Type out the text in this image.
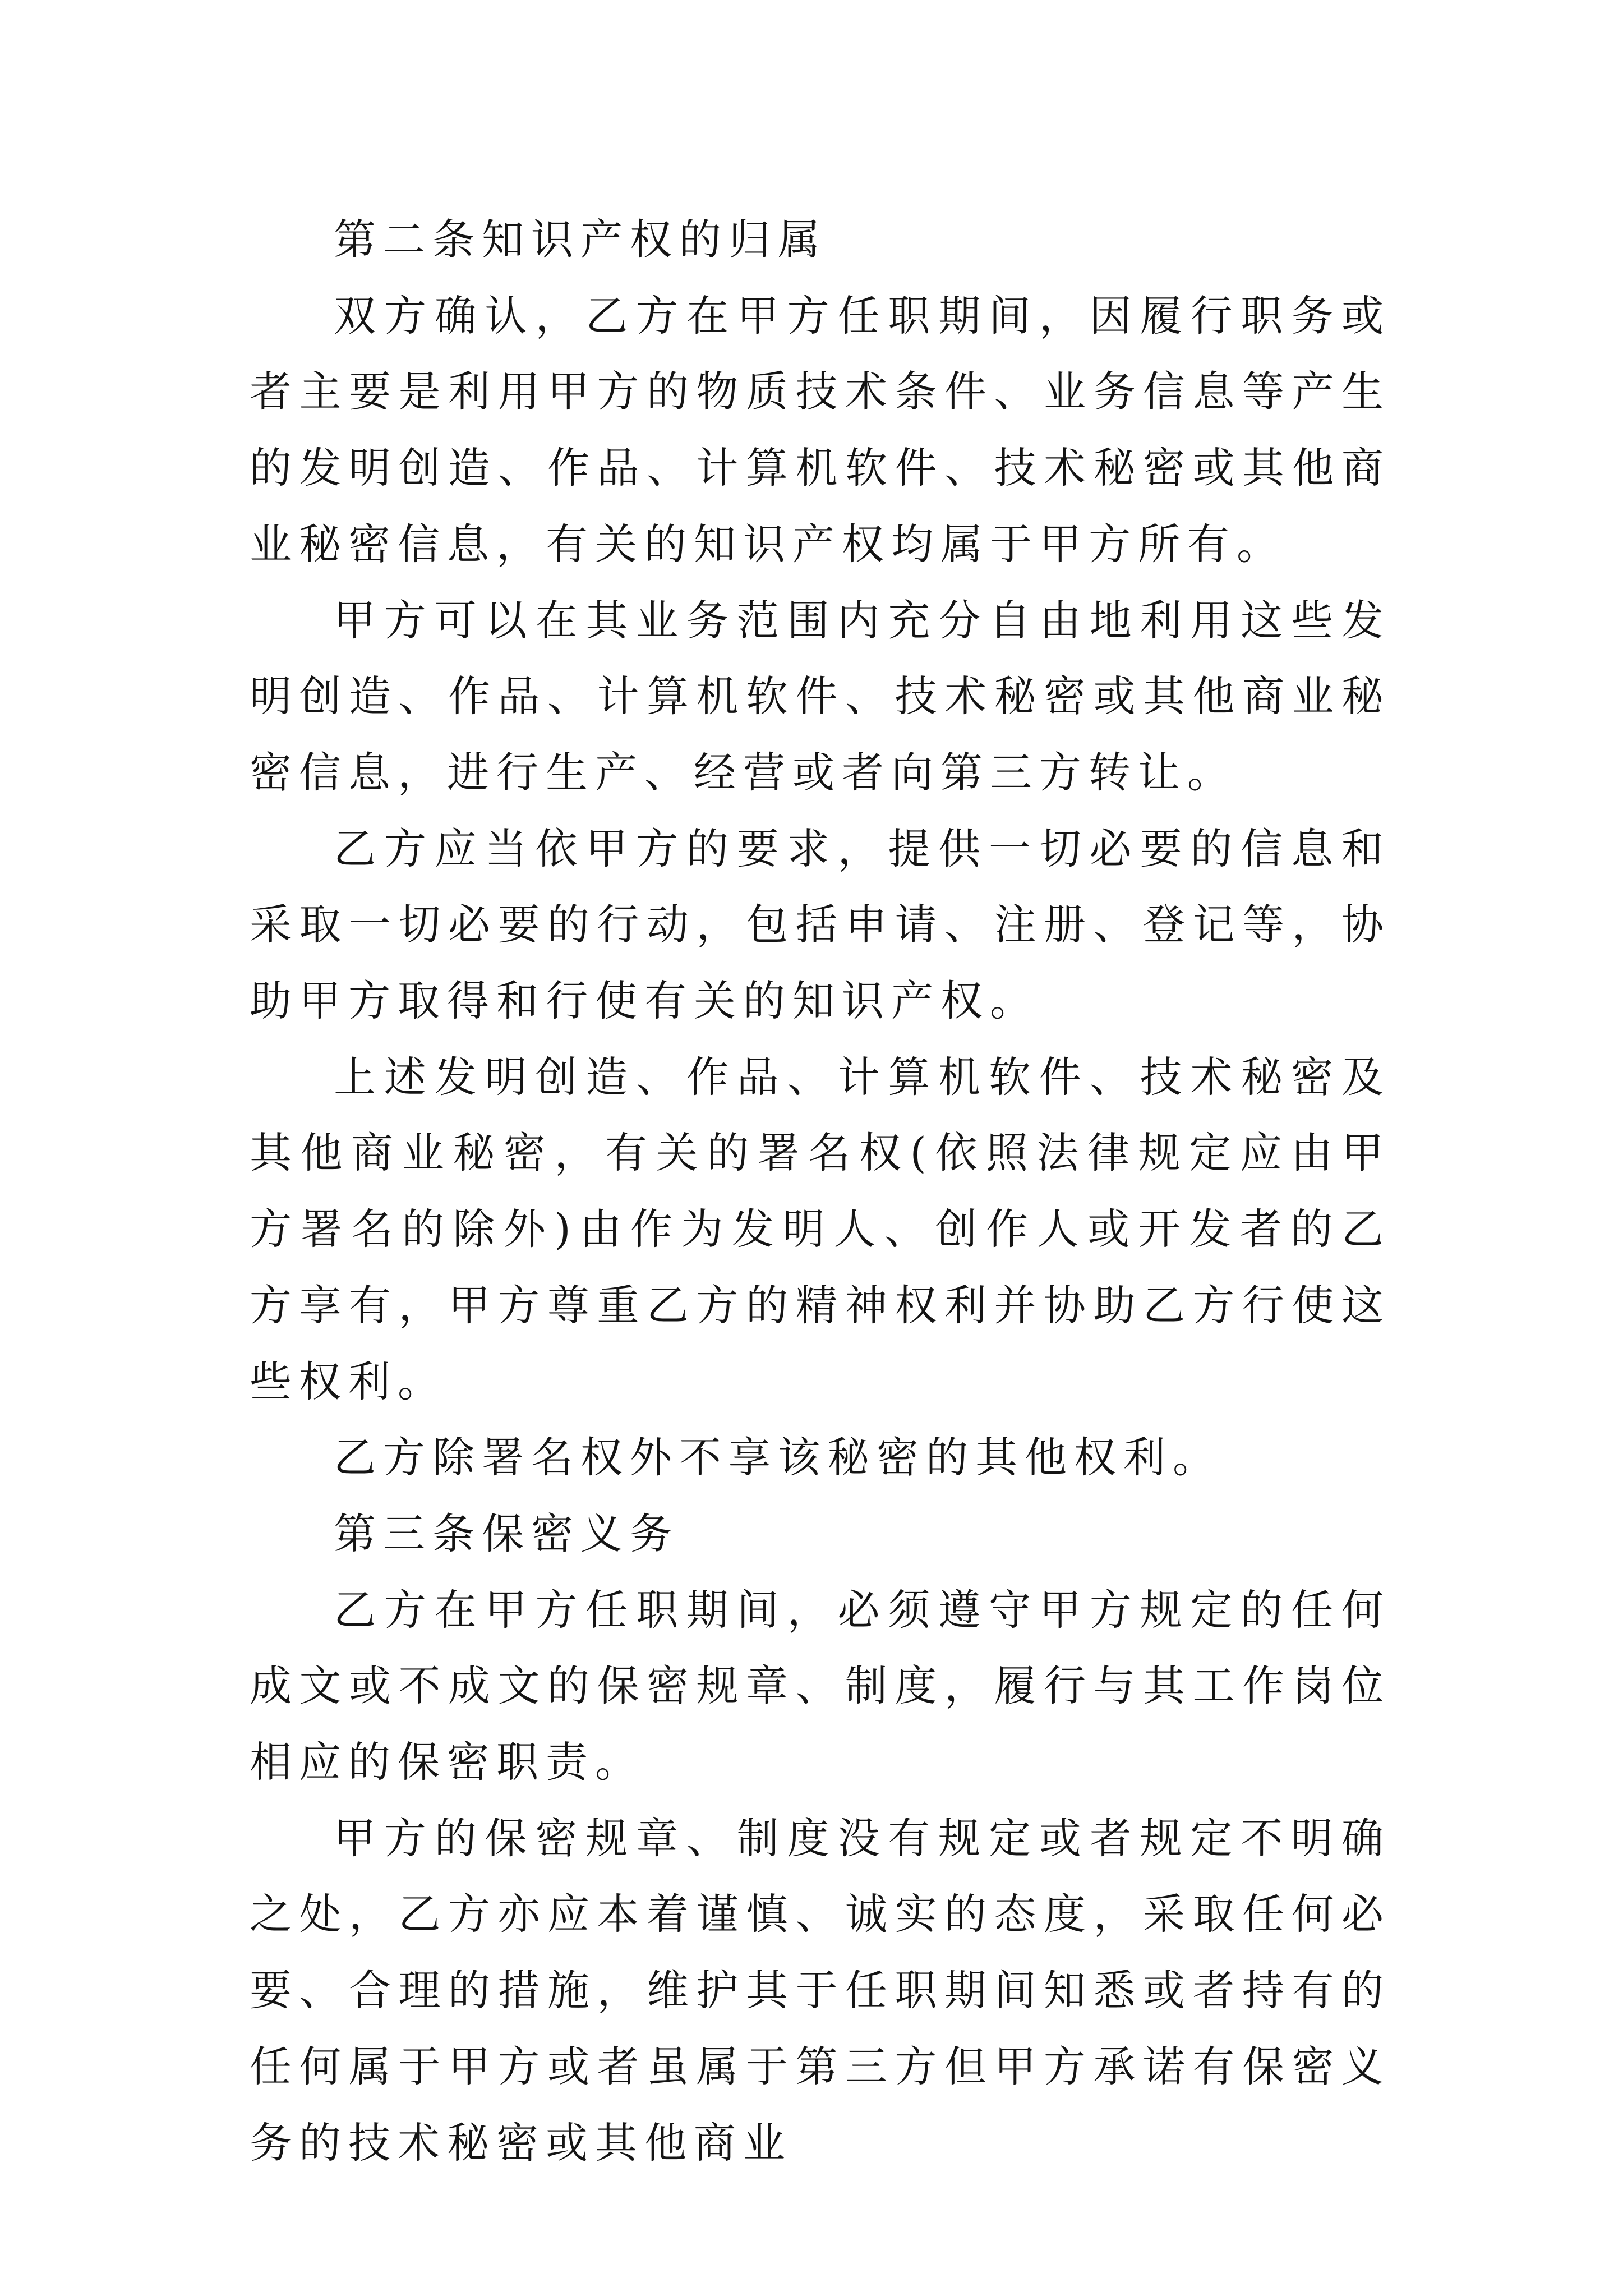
第二条知识产权的归属

双方确认，乙方在甲方任职期间，因履行职务或者主要是利用甲方的物质技术条件、业务信息等产生的发明创造、作品、计算机软件、技术秘密或其他商业秘密信息，有关的知识产权均属于甲方所有。

甲方可以在其业务范围内充分自由地利用这些发明创造、作品、计算机软件、技术秘密或其他商业秘密信息，进行生产、经营或者向第三方转让。

乙方应当依甲方的要求，提供一切必要的信息和采取一切必要的行动，包括申请、注册、登记等，协助甲方取得和行使有关的知识产权。

上述发明创造、作品、计算机软件、技术秘密及其他商业秘密，有关的署名权(依照法律规定应由甲方署名的除外)由作为发明人、创作人或开发者的乙方享有，甲方尊重乙方的精神权利并协助乙方行使这些权利。

乙方除署名权外不享该秘密的其他权利。

第三条保密义务

乙方在甲方任职期间，必须遵守甲方规定的任何成文或不成文的保密规章、制度，履行与其工作岗位相应的保密职责。

甲方的保密规章、制度没有规定或者规定不明确之处，乙方亦应本着谨慎、诚实的态度，采取任何必要、合理的措施，维护其于任职期间知悉或者持有的任何属于甲方或者虽属于第三方但甲方承诺有保密义务的技术秘密或其他商业
